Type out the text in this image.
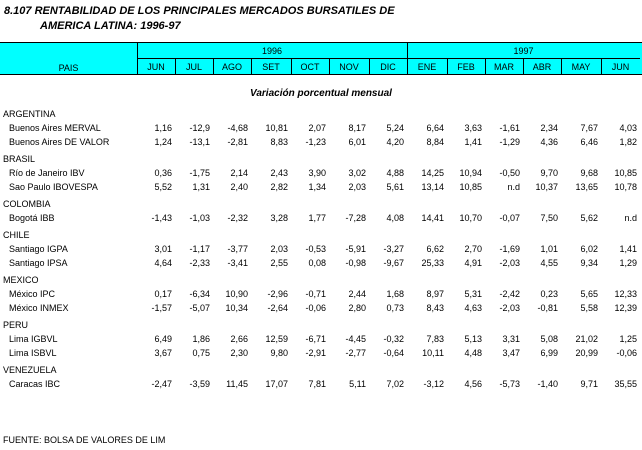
8.107 RENTABILIDAD DE LOS PRINCIPALES MERCADOS BURSATILES DE
AMERICA LATINA: 1996-97
PAIS
1996	1997
JUN	JUL	AGO	SET	OCT	NOV	DIC	ENE	FEB	MAR	ABR	MAY	JUN
Variación porcentual mensual
ARGENTINA
Buenos Aires MERVAL	1,16	-12,9	-4,68	10,81	2,07	8,17	5,24	6,64	3,63	-1,61	2,34	7,67	4,03
Buenos Aires DE VALOR	1,24	-13,1	-2,81	8,83	-1,23	6,01	4,20	8,84	1,41	-1,29	4,36	6,46	1,82
BRASIL
Río de Janeiro IBV	0,36	-1,75	2,14	2,43	3,90	3,02	4,88	14,25	10,94	-0,50	9,70	9,68	10,85
Sao Paulo IBOVESPA	5,52	1,31	2,40	2,82	1,34	2,03	5,61	13,14	10,85	n.d	10,37	13,65	10,78
COLOMBIA
Bogotá IBB	-1,43	-1,03	-2,32	3,28	1,77	-7,28	4,08	14,41	10,70	-0,07	7,50	5,62	n.d
CHILE
Santiago IGPA	3,01	-1,17	-3,77	2,03	-0,53	-5,91	-3,27	6,62	2,70	-1,69	1,01	6,02	1,41
Santiago IPSA	4,64	-2,33	-3,41	2,55	0,08	-0,98	-9,67	25,33	4,91	-2,03	4,55	9,34	1,29
MEXICO
México IPC	0,17	-6,34	10,90	-2,96	-0,71	2,44	1,68	8,97	5,31	-2,42	0,23	5,65	12,33
México INMEX	-1,57	-5,07	10,34	-2,64	-0,06	2,80	0,73	8,43	4,63	-2,03	-0,81	5,58	12,39
PERU
Lima IGBVL	6,49	1,86	2,66	12,59	-6,71	-4,45	-0,32	7,83	5,13	3,31	5,08	21,02	1,25
Lima ISBVL	3,67	0,75	2,30	9,80	-2,91	-2,77	-0,64	10,11	4,48	3,47	6,99	20,99	-0,06
VENEZUELA
Caracas IBC	-2,47	-3,59	11,45	17,07	7,81	5,11	7,02	-3,12	4,56	-5,73	-1,40	9,71	35,55
FUENTE: BOLSA DE VALORES DE LIM
